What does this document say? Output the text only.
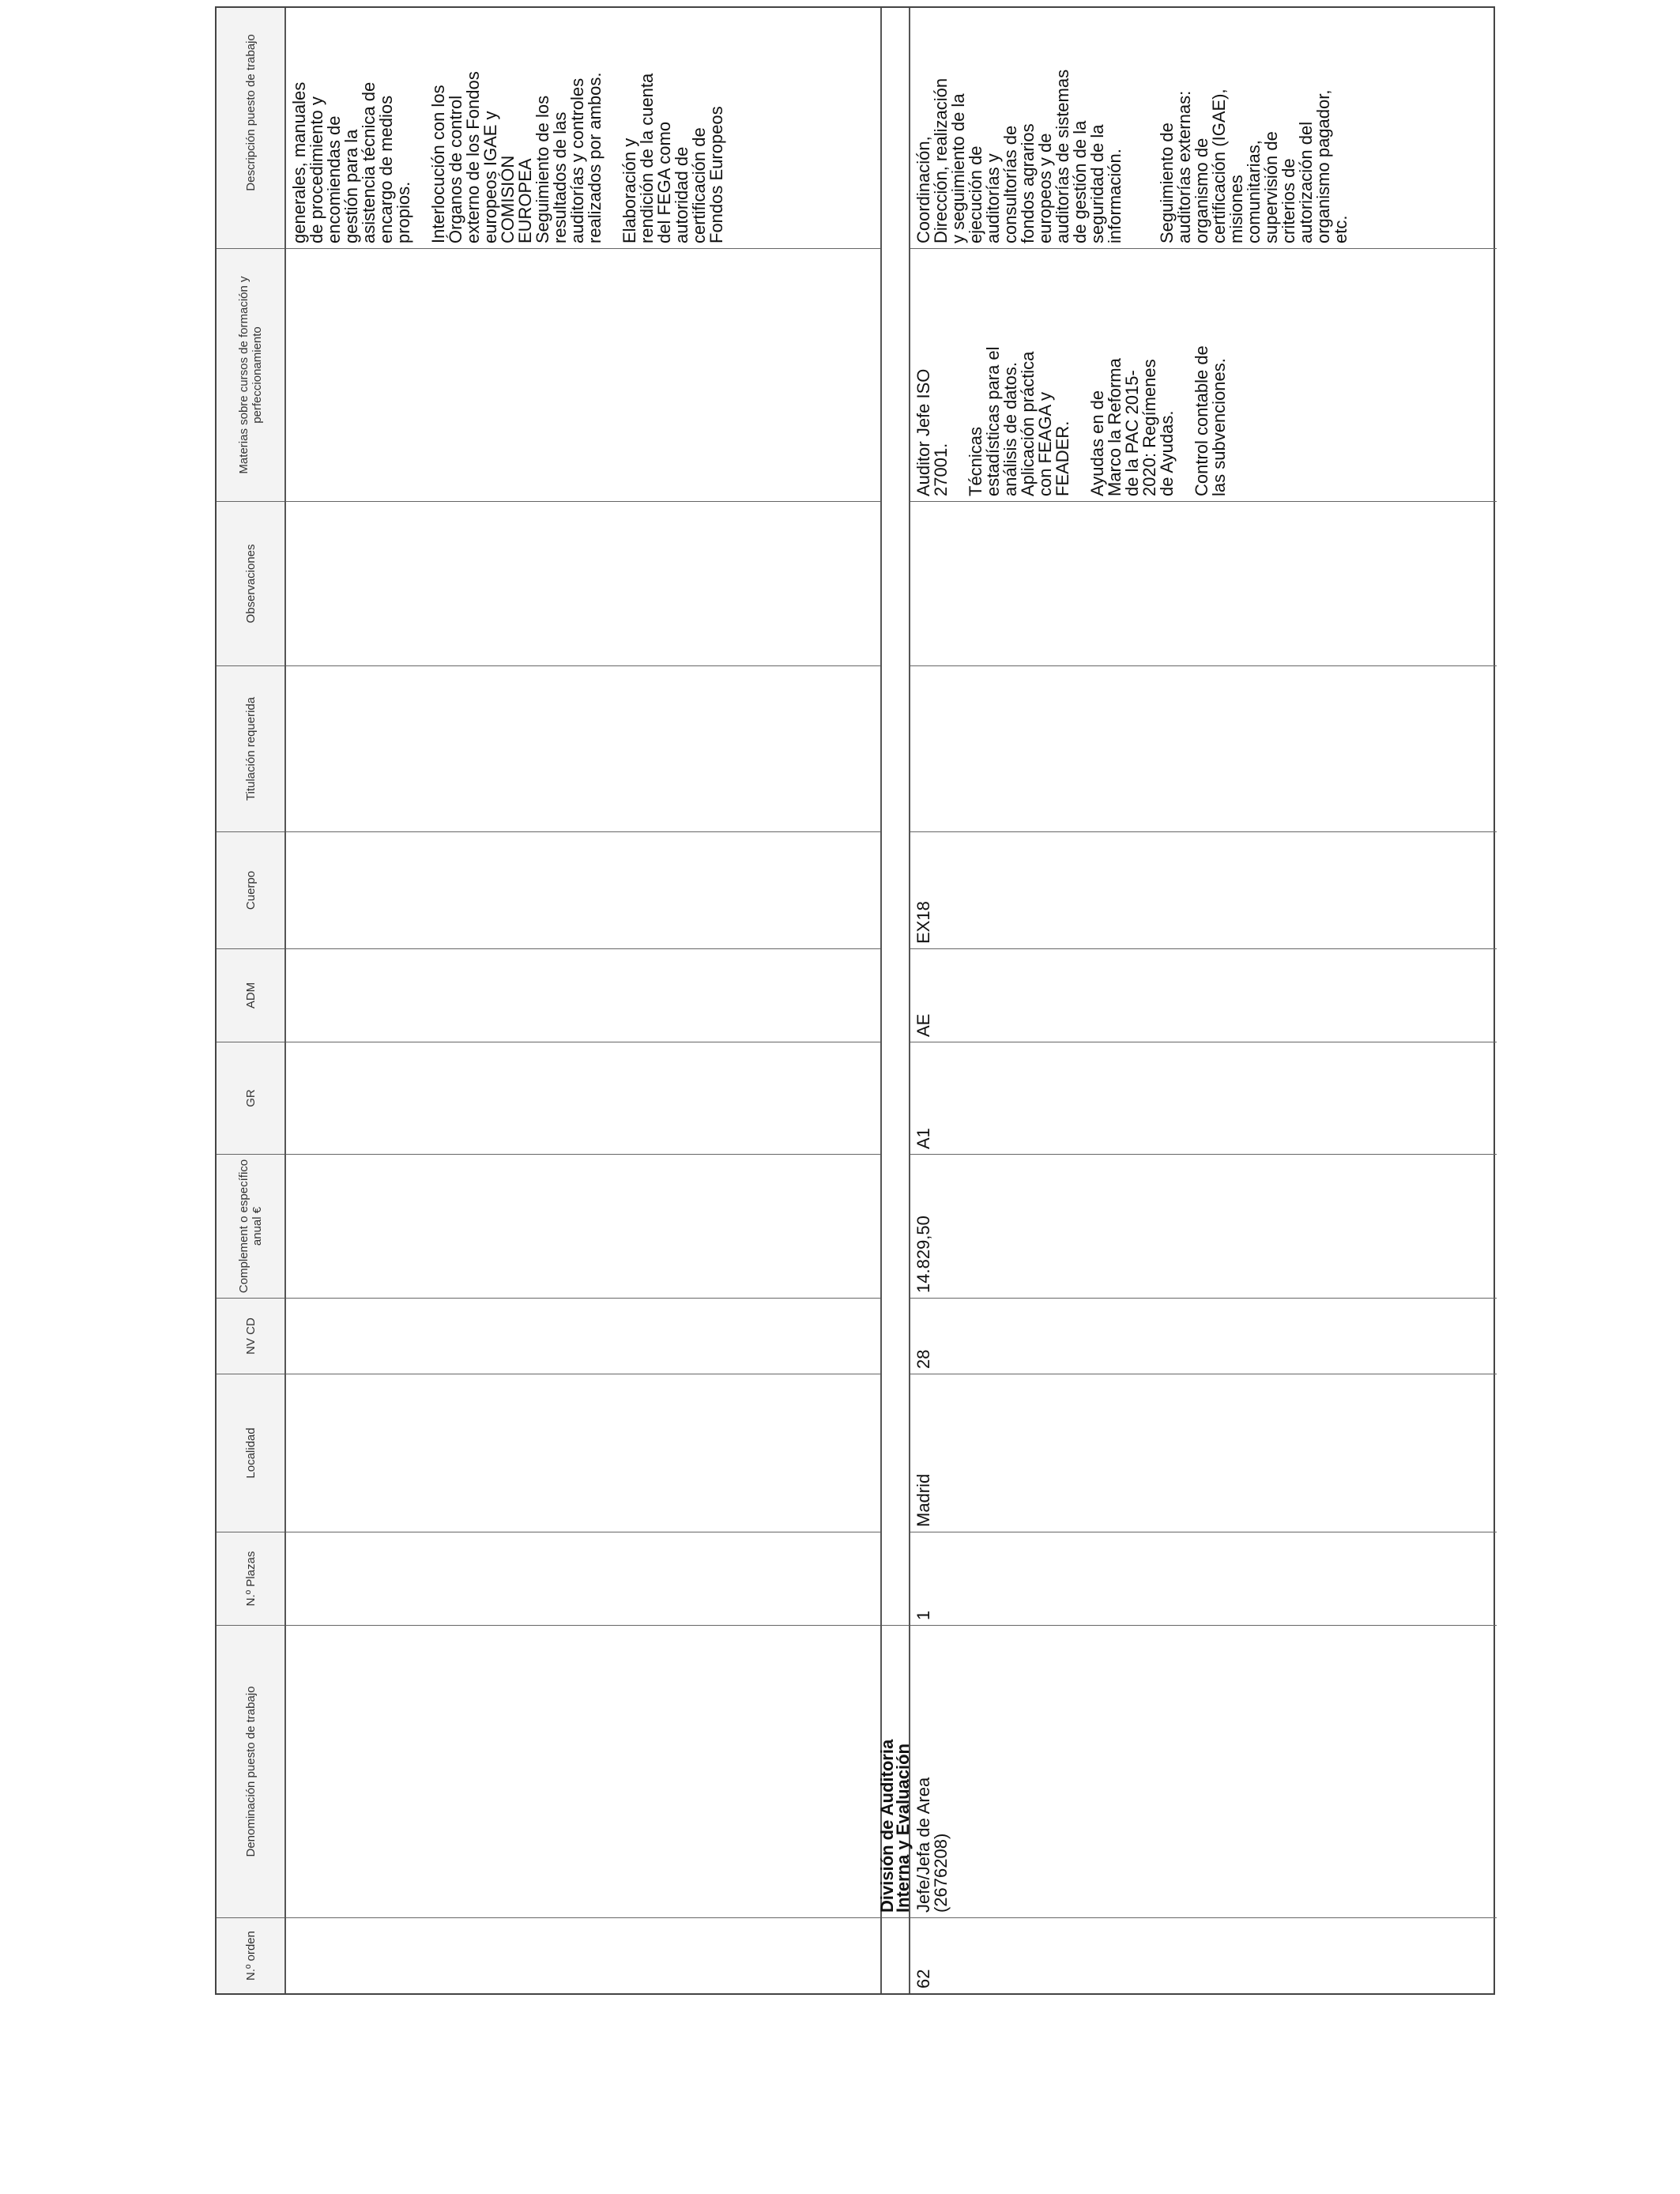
N.º orden
Denominación puesto de trabajo
N.º Plazas
Localidad
NV CD
Complement o específico anual €
GR
ADM
Cuerpo
Titulación requerida
Observaciones
Materias sobre cursos de formación y perfeccionamiento
Descripción puesto de trabajo	generales, manuales
de procedimiento y
encomiendas de
gestión para la
asistencia técnica de
encargo de medios
propios. Interlocución con los
Órganos de control
externo de los Fondos
europeos IGAE y
COMISIÓN
EUROPEA
Seguimiento de los
resultados de las
auditorías y controles
realizados por ambos. Elaboración y
rendición de la cuenta
del FEGA como
autoridad de
certificación de
Fondos Europeos
División de Auditoria
Interna y Evaluación
62
Jefe/Jefa de Area
(2676208)
1
Madrid
28
14.829,50
A1
AE
EX18
Auditor Jefe ISO
27001. Técnicas
estadísticas para el
análisis de datos.
Aplicación práctica
con FEAGA y
FEADER. Ayudas en de
Marco la Reforma
de la PAC 2015-
2020: Regímenes
de Ayudas. Control contable de
las subvenciones.
Coordinación,
Dirección, realización
y seguimiento de la
ejecución de
auditorías y
consultorías de
fondos agrarios
europeos y de
auditorías de sistemas
de gestión de la
seguridad de la
información. Seguimiento de
auditorías externas:
organismo de
certificación (IGAE),
misiones
comunitarias,
supervisión de
criterios de
autorización del
organismo pagador,
etc.
